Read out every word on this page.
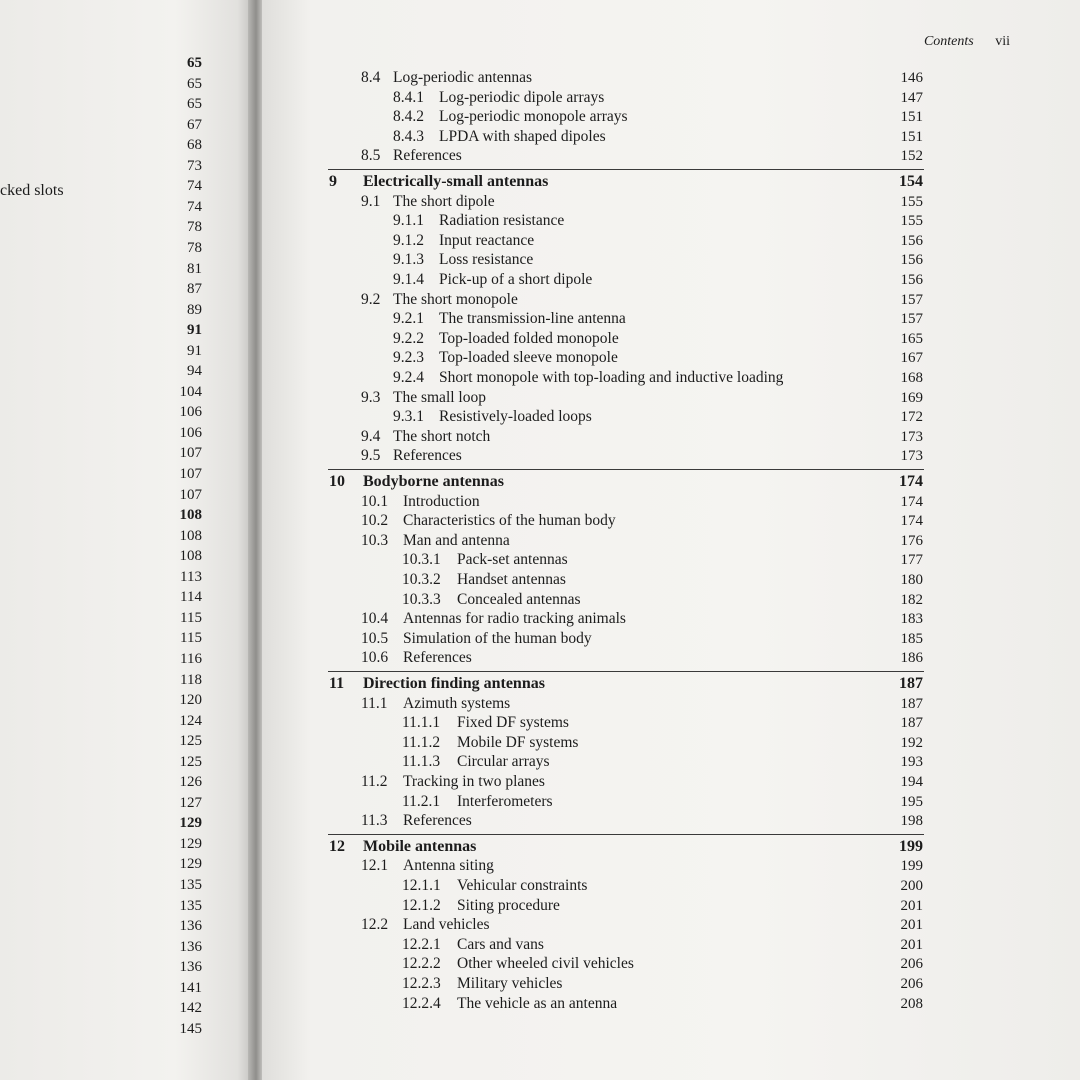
65
65
65
67
68
73
74
74
78
78
81
87
89
91
91
94
104
106
106
107
107
107
108
108
108
113
114
115
115
116
118
120
124
125
125
126
127
129
129
129
135
135
136
136
136
141
142
145
cked slots
Contents vii
8.4 Log-periodic antennas	146
8.4.1 Log-periodic dipole arrays	147
8.4.2 Log-periodic monopole arrays	151
8.4.3 LPDA with shaped dipoles	151
8.5 References	152
9 Electrically-small antennas	154
9.1 The short dipole	155
9.1.1 Radiation resistance	155
9.1.2 Input reactance	156
9.1.3 Loss resistance	156
9.1.4 Pick-up of a short dipole	156
9.2 The short monopole	157
9.2.1 The transmission-line antenna	157
9.2.2 Top-loaded folded monopole	165
9.2.3 Top-loaded sleeve monopole	167
9.2.4 Short monopole with top-loading and inductive loading	168
9.3 The small loop	169
9.3.1 Resistively-loaded loops	172
9.4 The short notch	173
9.5 References	173
10 Bodyborne antennas	174
10.1 Introduction	174
10.2 Characteristics of the human body	174
10.3 Man and antenna	176
10.3.1 Pack-set antennas	177
10.3.2 Handset antennas	180
10.3.3 Concealed antennas	182
10.4 Antennas for radio tracking animals	183
10.5 Simulation of the human body	185
10.6 References	186
11 Direction finding antennas	187
11.1 Azimuth systems	187
11.1.1 Fixed DF systems	187
11.1.2 Mobile DF systems	192
11.1.3 Circular arrays	193
11.2 Tracking in two planes	194
11.2.1 Interferometers	195
11.3 References	198
12 Mobile antennas	199
12.1 Antenna siting	199
12.1.1 Vehicular constraints	200
12.1.2 Siting procedure	201
12.2 Land vehicles	201
12.2.1 Cars and vans	201
12.2.2 Other wheeled civil vehicles	206
12.2.3 Military vehicles	206
12.2.4 The vehicle as an antenna	208
